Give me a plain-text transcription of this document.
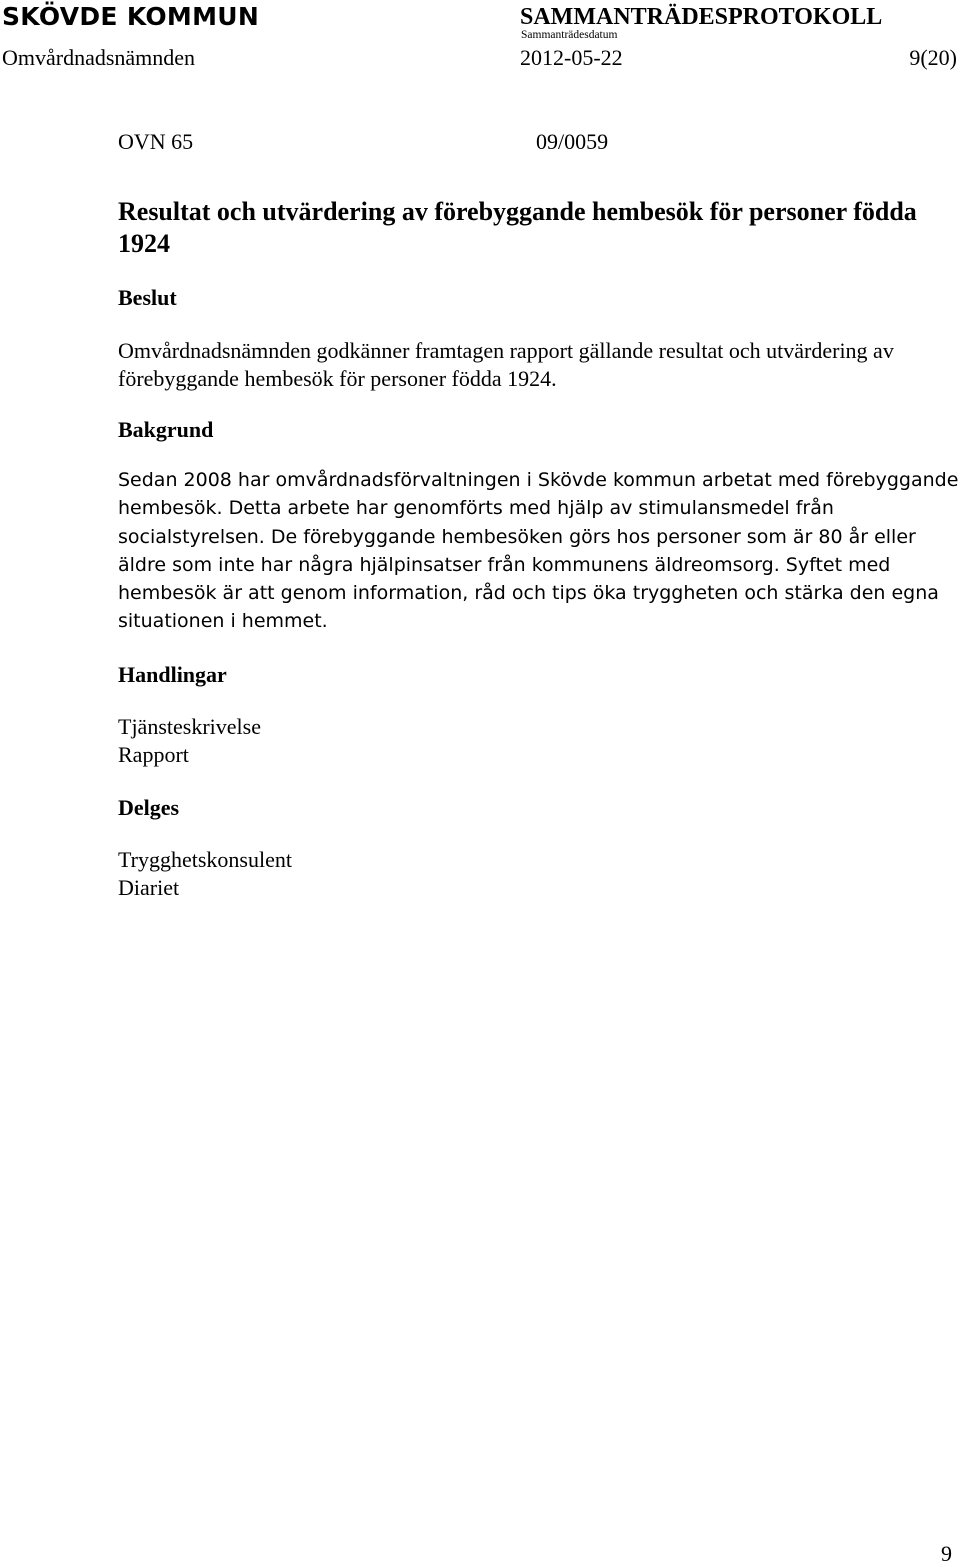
SKÖVDE KOMMUN	SAMMANTRÄDESPROTOKOLL
Sammanträdesdatum
Omvårdnadsnämnden	2012-05-22	9(20)
OVN 65	09/0059
Resultat och utvärdering av förebyggande hembesök för personer födda 1924
Beslut
Omvårdnadsnämnden godkänner framtagen rapport gällande resultat och utvärdering av förebyggande hembesök för personer födda 1924.
Bakgrund
Sedan 2008 har omvårdnadsförvaltningen i Skövde kommun arbetat med förebyggande hembesök. Detta arbete har genomförts med hjälp av stimulansmedel från socialstyrelsen. De förebyggande hembesöken görs hos personer som är 80 år eller äldre som inte har några hjälpinsatser från kommunens äldreomsorg. Syftet med hembesök är att genom information, råd och tips öka tryggheten och stärka den egna situationen i hemmet.
Handlingar
Tjänsteskrivelse
Rapport
Delges
Trygghetskonsulent
Diariet
9
